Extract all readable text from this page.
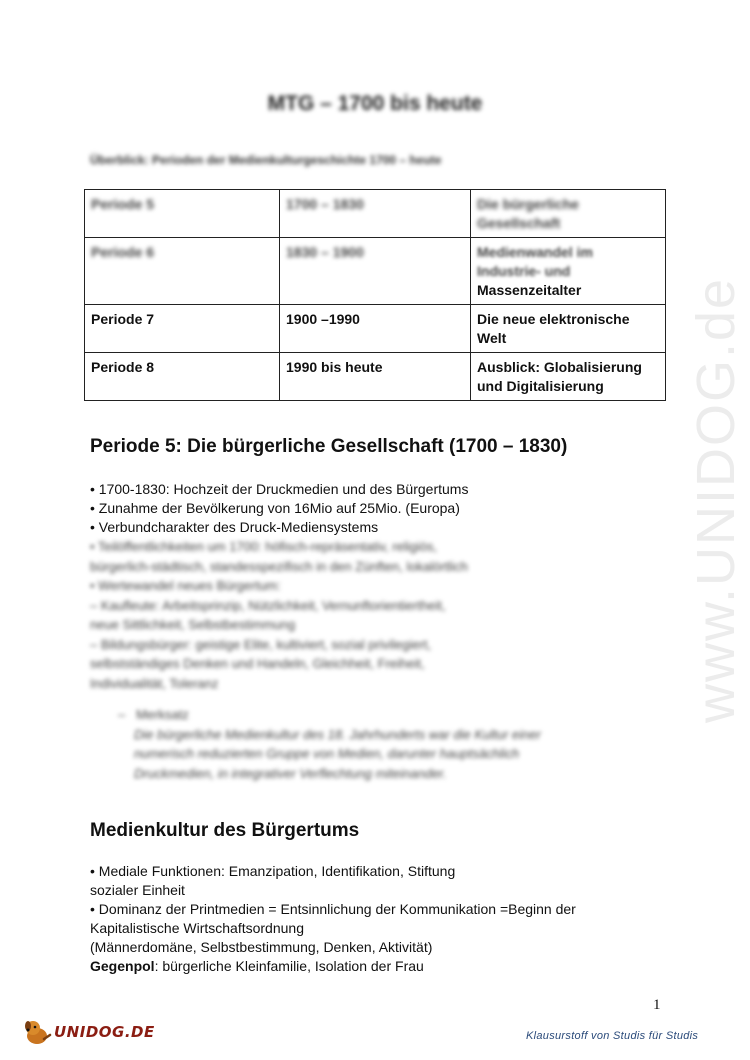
www.UNIDOG.de
MTG – 1700 bis heute
Überblick: Perioden der Medienkulturgeschichte 1700 – heute
Periode 5	1700 – 1830	Die bürgerliche Gesellschaft
Periode 6	1830 – 1900	Medienwandel im Industrie- und
Massenzeitalter

Periode 7	1900 –1990	Die neue elektronische Welt
Periode 8	1990 bis heute	Ausblick: Globalisierung und Digitalisierung
Periode 5: Die bürgerliche Gesellschaft (1700 – 1830)
• 1700-1830: Hochzeit der Druckmedien und des Bürgertums
• Zunahme der Bevölkerung von 16Mio auf 25Mio. (Europa)
• Verbundcharakter des Druck-Mediensystems
• Teilöffentlichkeiten um 1700: höfisch-repräsentativ, religiös,
bürgerlich-städtisch, standesspezifisch in den Zünften, lokalörtlich
• Wertewandel neues Bürgertum:
– Kaufleute: Arbeitsprinzip, Nützlichkeit, Vernunftorientiertheit,
neue Sittlichkeit, Selbstbestimmung
– Bildungsbürger: geistige Elite, kultiviert, sozial privilegiert,
selbstständiges Denken und Handeln, Gleichheit, Freiheit,
Individualität, Toleranz
–   Merksatz
Die bürgerliche Medienkultur des 18. Jahrhunderts war die Kultur einer
numerisch reduzierten Gruppe von Medien, darunter hauptsächlich
Druckmedien, in integrativer Verflechtung miteinander.
Medienkultur des Bürgertums
• Mediale Funktionen: Emanzipation, Identifikation, Stiftung
sozialer Einheit
• Dominanz der Printmedien = Entsinnlichung der Kommunikation =Beginn der
Kapitalistische Wirtschaftsordnung
(Männerdomäne, Selbstbestimmung, Denken, Aktivität)
Gegenpol: bürgerliche Kleinfamilie, Isolation der Frau
1
UNIDOG.DE	Klausurstoff von Studis für Studis
